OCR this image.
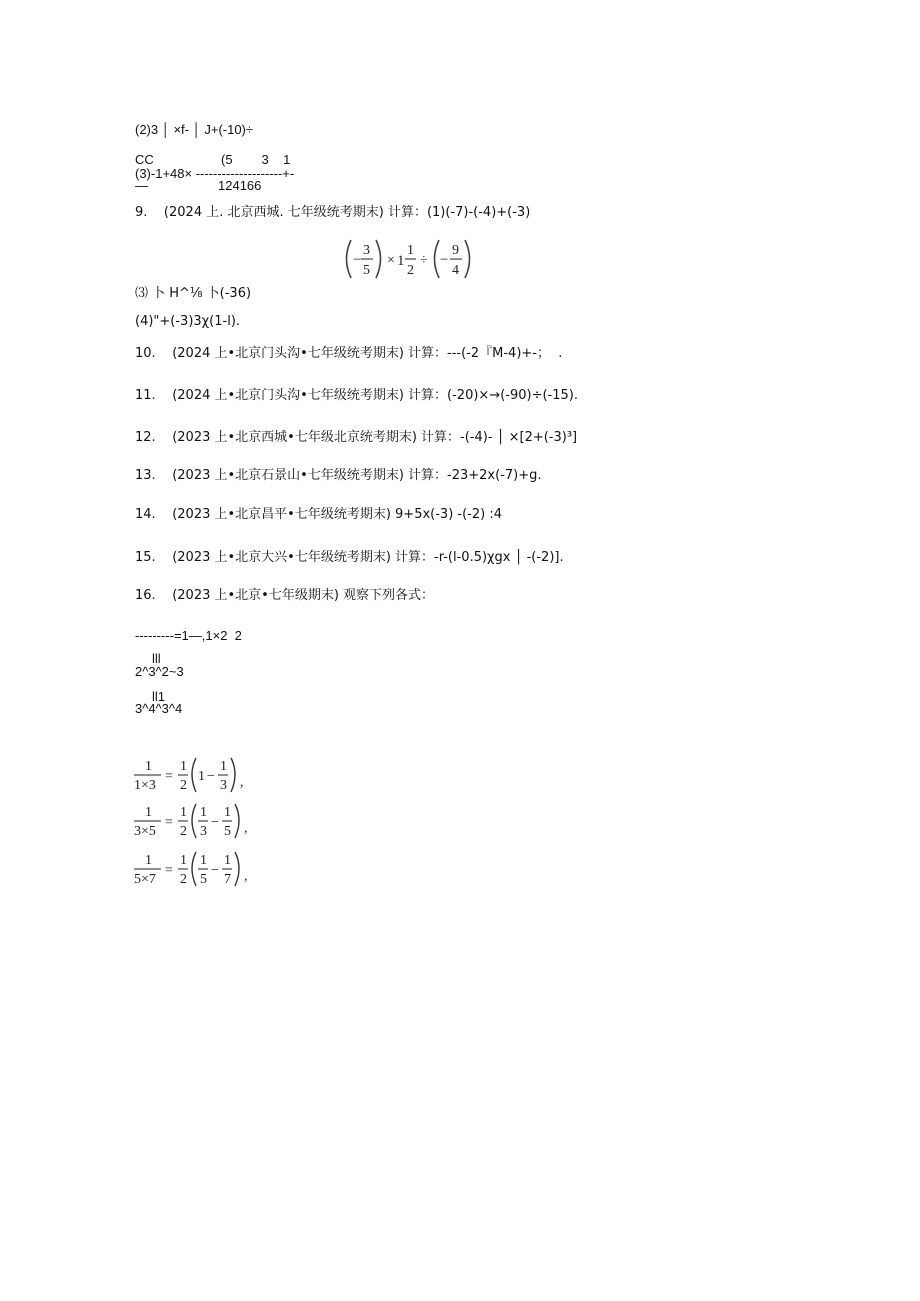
(2)3 │ ×f- │ J+(-10)÷
CC	(5        3    1
(3)-1+48× --------------------+-
—	124166
9.    (2024 上. 北京西城. 七年级统考期末) 计算：(1)(-7)-(-4)+(-3)
−
3
5
× 1
1
2
÷ −
9
4
⑶ 卜 H^⅛ 卜(-36)
(4)"+(-3)3χ(1-l).
10.    (2024 上•北京门头沟•七年级统考期末) 计算：---(-2『M-4)+-；  .
11.    (2024 上•北京门头沟•七年级统考期末) 计算：(-20)×→(-90)÷(-15).
12.    (2023 上•北京西城•七年级北京统考期末) 计算：-(-4)- │ ×[2+(-3)³]
13.    (2023 上•北京石景山•七年级统考期末) 计算：-23+2x(-7)+g.
14.    (2023 上•北京昌平•七年级统考期末) 9+5x(-3) -(-2) :4
15.    (2023 上•北京大兴•七年级统考期末) 计算：-r-(l-0.5)χgx │ -(-2)].
16.    (2023 上•北京•七年级期末) 观察下列各式：
---------=1—,1×2  2
lll
2^3^2~3
ll1
3^4^3^4
1
1×3
=
1
2
1 −
1
3 ,
1
3×5
=
1
2
1
3
−
1
5 ,
1
5×7
=
1
2
1
5
−
1
7 ,
